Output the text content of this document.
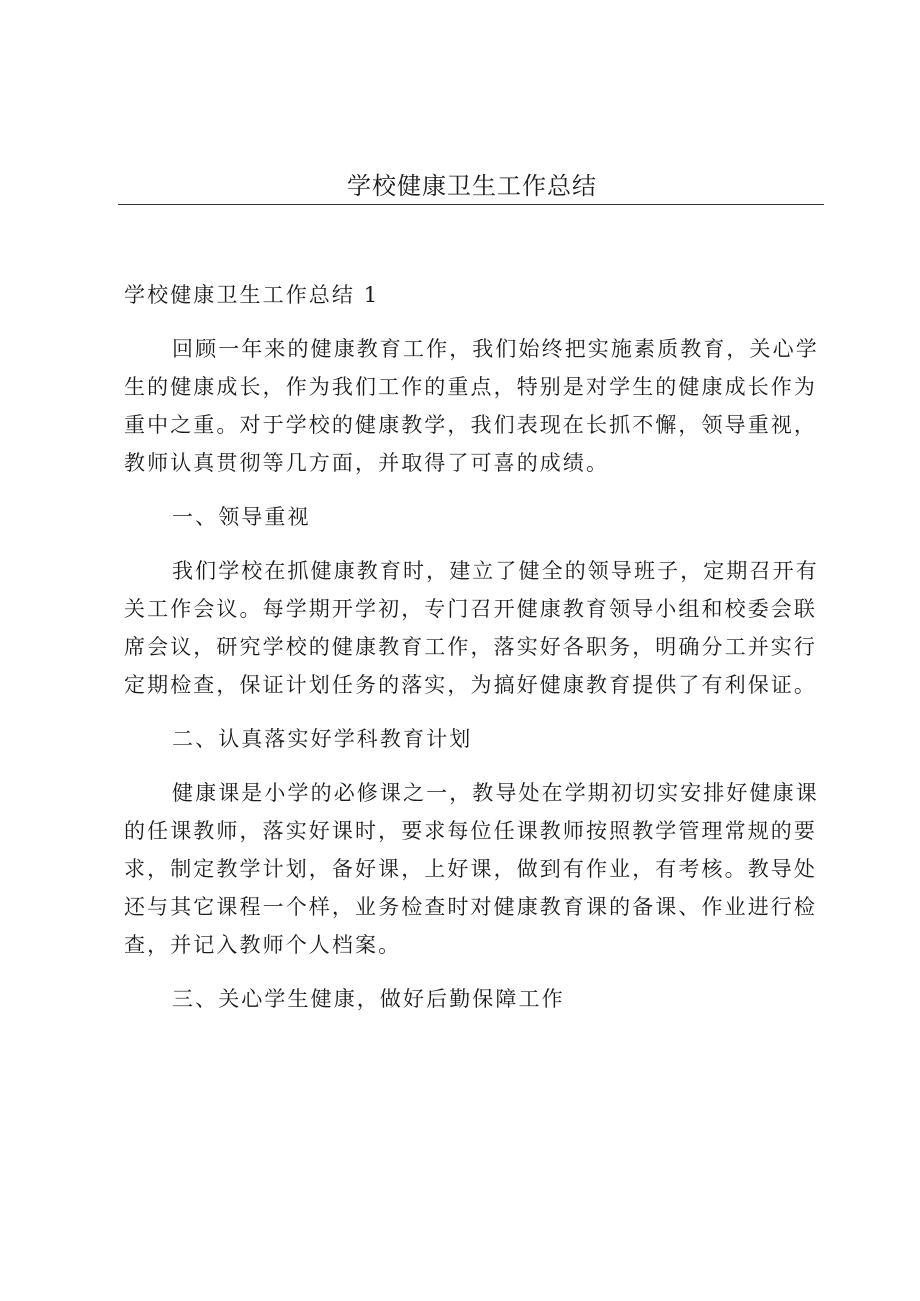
学校健康卫生工作总结

学校健康卫生工作总结 1

回顾一年来的健康教育工作，我们始终把实施素质教育，关心学

生的健康成长，作为我们工作的重点，特别是对学生的健康成长作为

重中之重。对于学校的健康教学，我们表现在长抓不懈，领导重视，

教师认真贯彻等几方面，并取得了可喜的成绩。

一、领导重视

我们学校在抓健康教育时，建立了健全的领导班子，定期召开有

关工作会议。每学期开学初，专门召开健康教育领导小组和校委会联

席会议，研究学校的健康教育工作，落实好各职务，明确分工并实行

定期检查，保证计划任务的落实，为搞好健康教育提供了有利保证。

二、认真落实好学科教育计划

健康课是小学的必修课之一，教导处在学期初切实安排好健康课

的任课教师，落实好课时，要求每位任课教师按照教学管理常规的要

求，制定教学计划，备好课，上好课，做到有作业，有考核。教导处

还与其它课程一个样，业务检查时对健康教育课的备课、作业进行检

查，并记入教师个人档案。

三、关心学生健康，做好后勤保障工作
